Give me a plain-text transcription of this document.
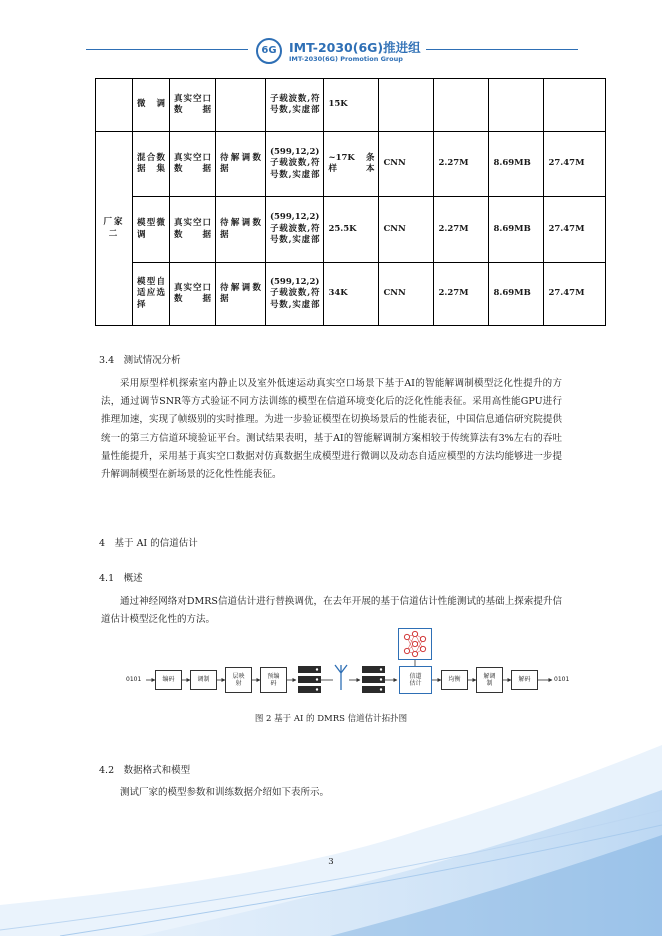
6G IMT-2030(6G)推进组
IMT-2030(6G) Promotion Group
	微调	真实空口数据		子载波数,符号数,实虚部	15K				
厂家二	混合数据集	真实空口数据	待解调数据	(599,12,2)子载波数,符号数,实虚部	~17K 条样本	CNN	2.27M	8.69MB	27.47M
	模型微调	真实空口数据	待解调数据	(599,12,2)子载波数,符号数,实虚部	25.5K	CNN	2.27M	8.69MB	27.47M
	模型自适应选择	真实空口数据	待解调数据	(599,12,2)子载波数,符号数,实虚部	34K	CNN	2.27M	8.69MB	27.47M
3.4　测试情况分析
采用原型样机探索室内静止以及室外低速运动真实空口场景下基于AI的智能解调制模型泛化性提升的方法，通过调节SNR等方式验证不同方法训练的模型在信道环境变化后的泛化性能表征。采用高性能GPU进行推理加速，实现了帧级别的实时推理。为进一步验证模型在切换场景后的性能表征，中国信息通信研究院提供统一的第三方信道环境验证平台。测试结果表明，基于AI的智能解调制方案相较于传统算法有3%左右的吞吐量性能提升，采用基于真实空口数据对仿真数据生成模型进行微调以及动态自适应模型的方法均能够进一步提升解调制模型在新场景的泛化性性能表征。
4　基于 AI 的信道估计
4.1　概述
通过神经网络对DMRS信道估计进行替换调优，在去年开展的基于信道估计性能测试的基础上探索提升信道估计模型泛化性的方法。
0101	0101
编码	调制
层映射
预编码
信道估计
均衡
解调制
解码
图 2 基于 AI 的 DMRS 信道估计拓扑图
4.2　数据格式和模型
测试厂家的模型参数和训练数据介绍如下表所示。
3
